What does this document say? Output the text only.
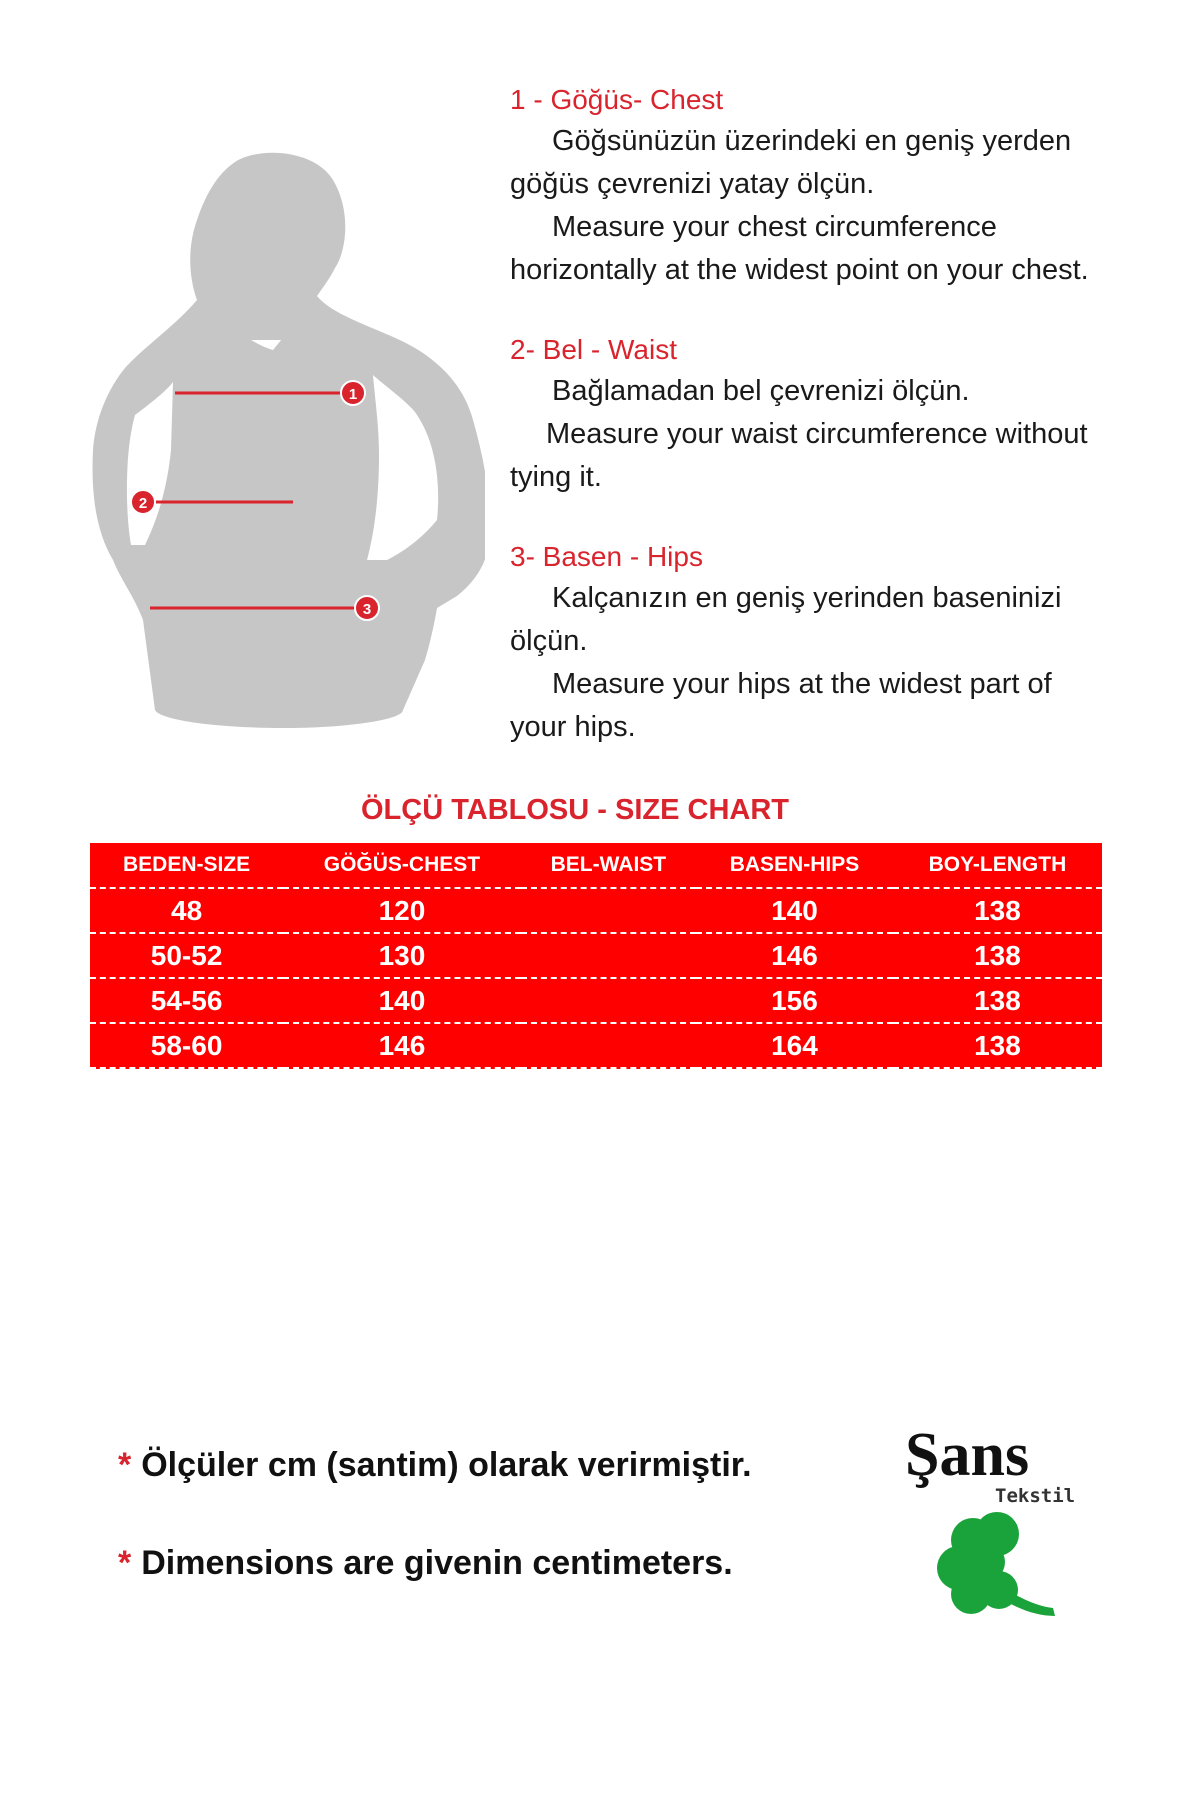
1
2
3

1 - Göğüs- Chest

Göğsünüzün üzerindeki en geniş yerden

göğüs çevrenizi yatay ölçün.

Measure your chest circumference

horizontally at the widest point on your chest.

2- Bel - Waist

Bağlamadan bel çevrenizi ölçün.

Measure your waist circumference without

tying it.

3- Basen - Hips

Kalçanızın en geniş yerinden baseninizi

ölçün.

Measure your hips at the widest part of

your hips.

ÖLÇÜ TABLOSU - SIZE CHART
BEDEN-SIZE	GÖĞÜS-CHEST	BEL-WAIST	BASEN-HIPS	BOY-LENGTH
48	120		140	138
50-52	130		146	138
54-56	140		156	138
58-60	146		164	138

* Ölçüler cm (santim) olarak verirmiştir.

* Dimensions are givenin centimeters.

Şans
Tekstil
